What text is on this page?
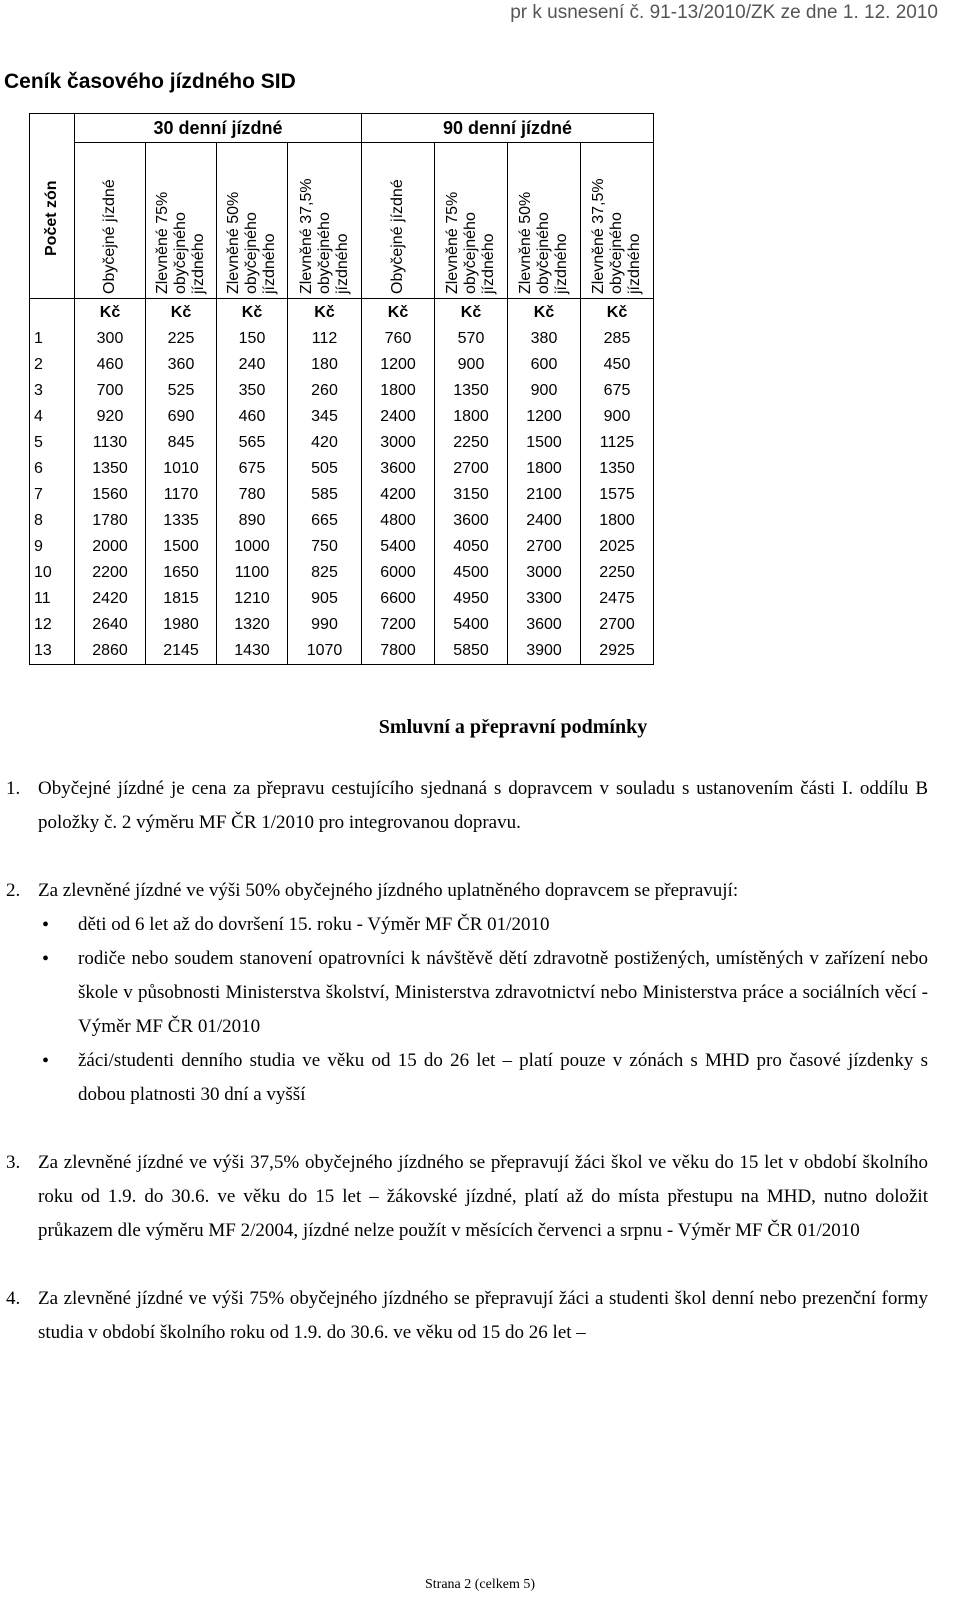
pr k usnesení č. 91-13/2010/ZK ze dne 1. 12. 2010
Ceník časového jízdného SID
Počet zón	30 denní jízdné				90 denní jízdné			

	Obyčejné jízdné	Zlevněné 75% obyčejného jízdného	Zlevněné 50% obyčejného jízdného	Zlevněné 37,5% obyčejného jízdného	Obyčejné jízdné	Zlevněné 75% obyčejného jízdného	Zlevněné 50% obyčejného jízdného	Zlevněné 37,5% obyčejného jízdného

	Kč	Kč	Kč	Kč	Kč	Kč	Kč	Kč
1	300	225	150	112	760	570	380	285
2	460	360	240	180	1200	900	600	450
3	700	525	350	260	1800	1350	900	675
4	920	690	460	345	2400	1800	1200	900
5	1130	845	565	420	3000	2250	1500	1125
6	1350	1010	675	505	3600	2700	1800	1350
7	1560	1170	780	585	4200	3150	2100	1575
8	1780	1335	890	665	4800	3600	2400	1800
9	2000	1500	1000	750	5400	4050	2700	2025
10	2200	1650	1100	825	6000	4500	3000	2250
11	2420	1815	1210	905	6600	4950	3300	2475
12	2640	1980	1320	990	7200	5400	3600	2700
13	2860	2145	1430	1070	7800	5850	3900	2925
Smluvní a přepravní podmínky
1. Obyčejné jízdné je cena za přepravu cestujícího sjednaná s dopravcem v souladu s ustanovením části I. oddílu B položky č. 2 výměru MF ČR 1/2010 pro integrovanou dopravu.

2. Za zlevněné jízdné ve výši 50% obyčejného jízdného uplatněného dopravcem se přepravují:

• děti od 6 let až do dovršení 15. roku - Výměr MF ČR 01/2010
• rodiče nebo soudem stanovení opatrovníci k návštěvě dětí zdravotně postižených, umístěných v zařízení nebo škole v působnosti Ministerstva školství, Ministerstva zdravotnictví nebo Ministerstva práce a sociálních věcí - Výměr MF ČR 01/2010
• žáci/studenti denního studia ve věku od 15 do 26 let – platí pouze v zónách s MHD pro časové jízdenky s dobou platnosti 30 dní a vyšší
3. Za zlevněné jízdné ve výši 37,5% obyčejného jízdného se přepravují žáci škol ve věku do 15 let v období školního roku od 1.9. do 30.6. ve věku do 15 let – žákovské jízdné, platí až do místa přestupu na MHD, nutno doložit průkazem dle výměru MF 2/2004, jízdné nelze použít v měsících červenci a srpnu - Výměr MF ČR 01/2010

4. Za zlevněné jízdné ve výši 75% obyčejného jízdného se přepravují žáci a studenti škol denní nebo prezenční formy studia v období školního roku od 1.9. do 30.6. ve věku od 15 do 26 let –

Strana 2 (celkem 5)
